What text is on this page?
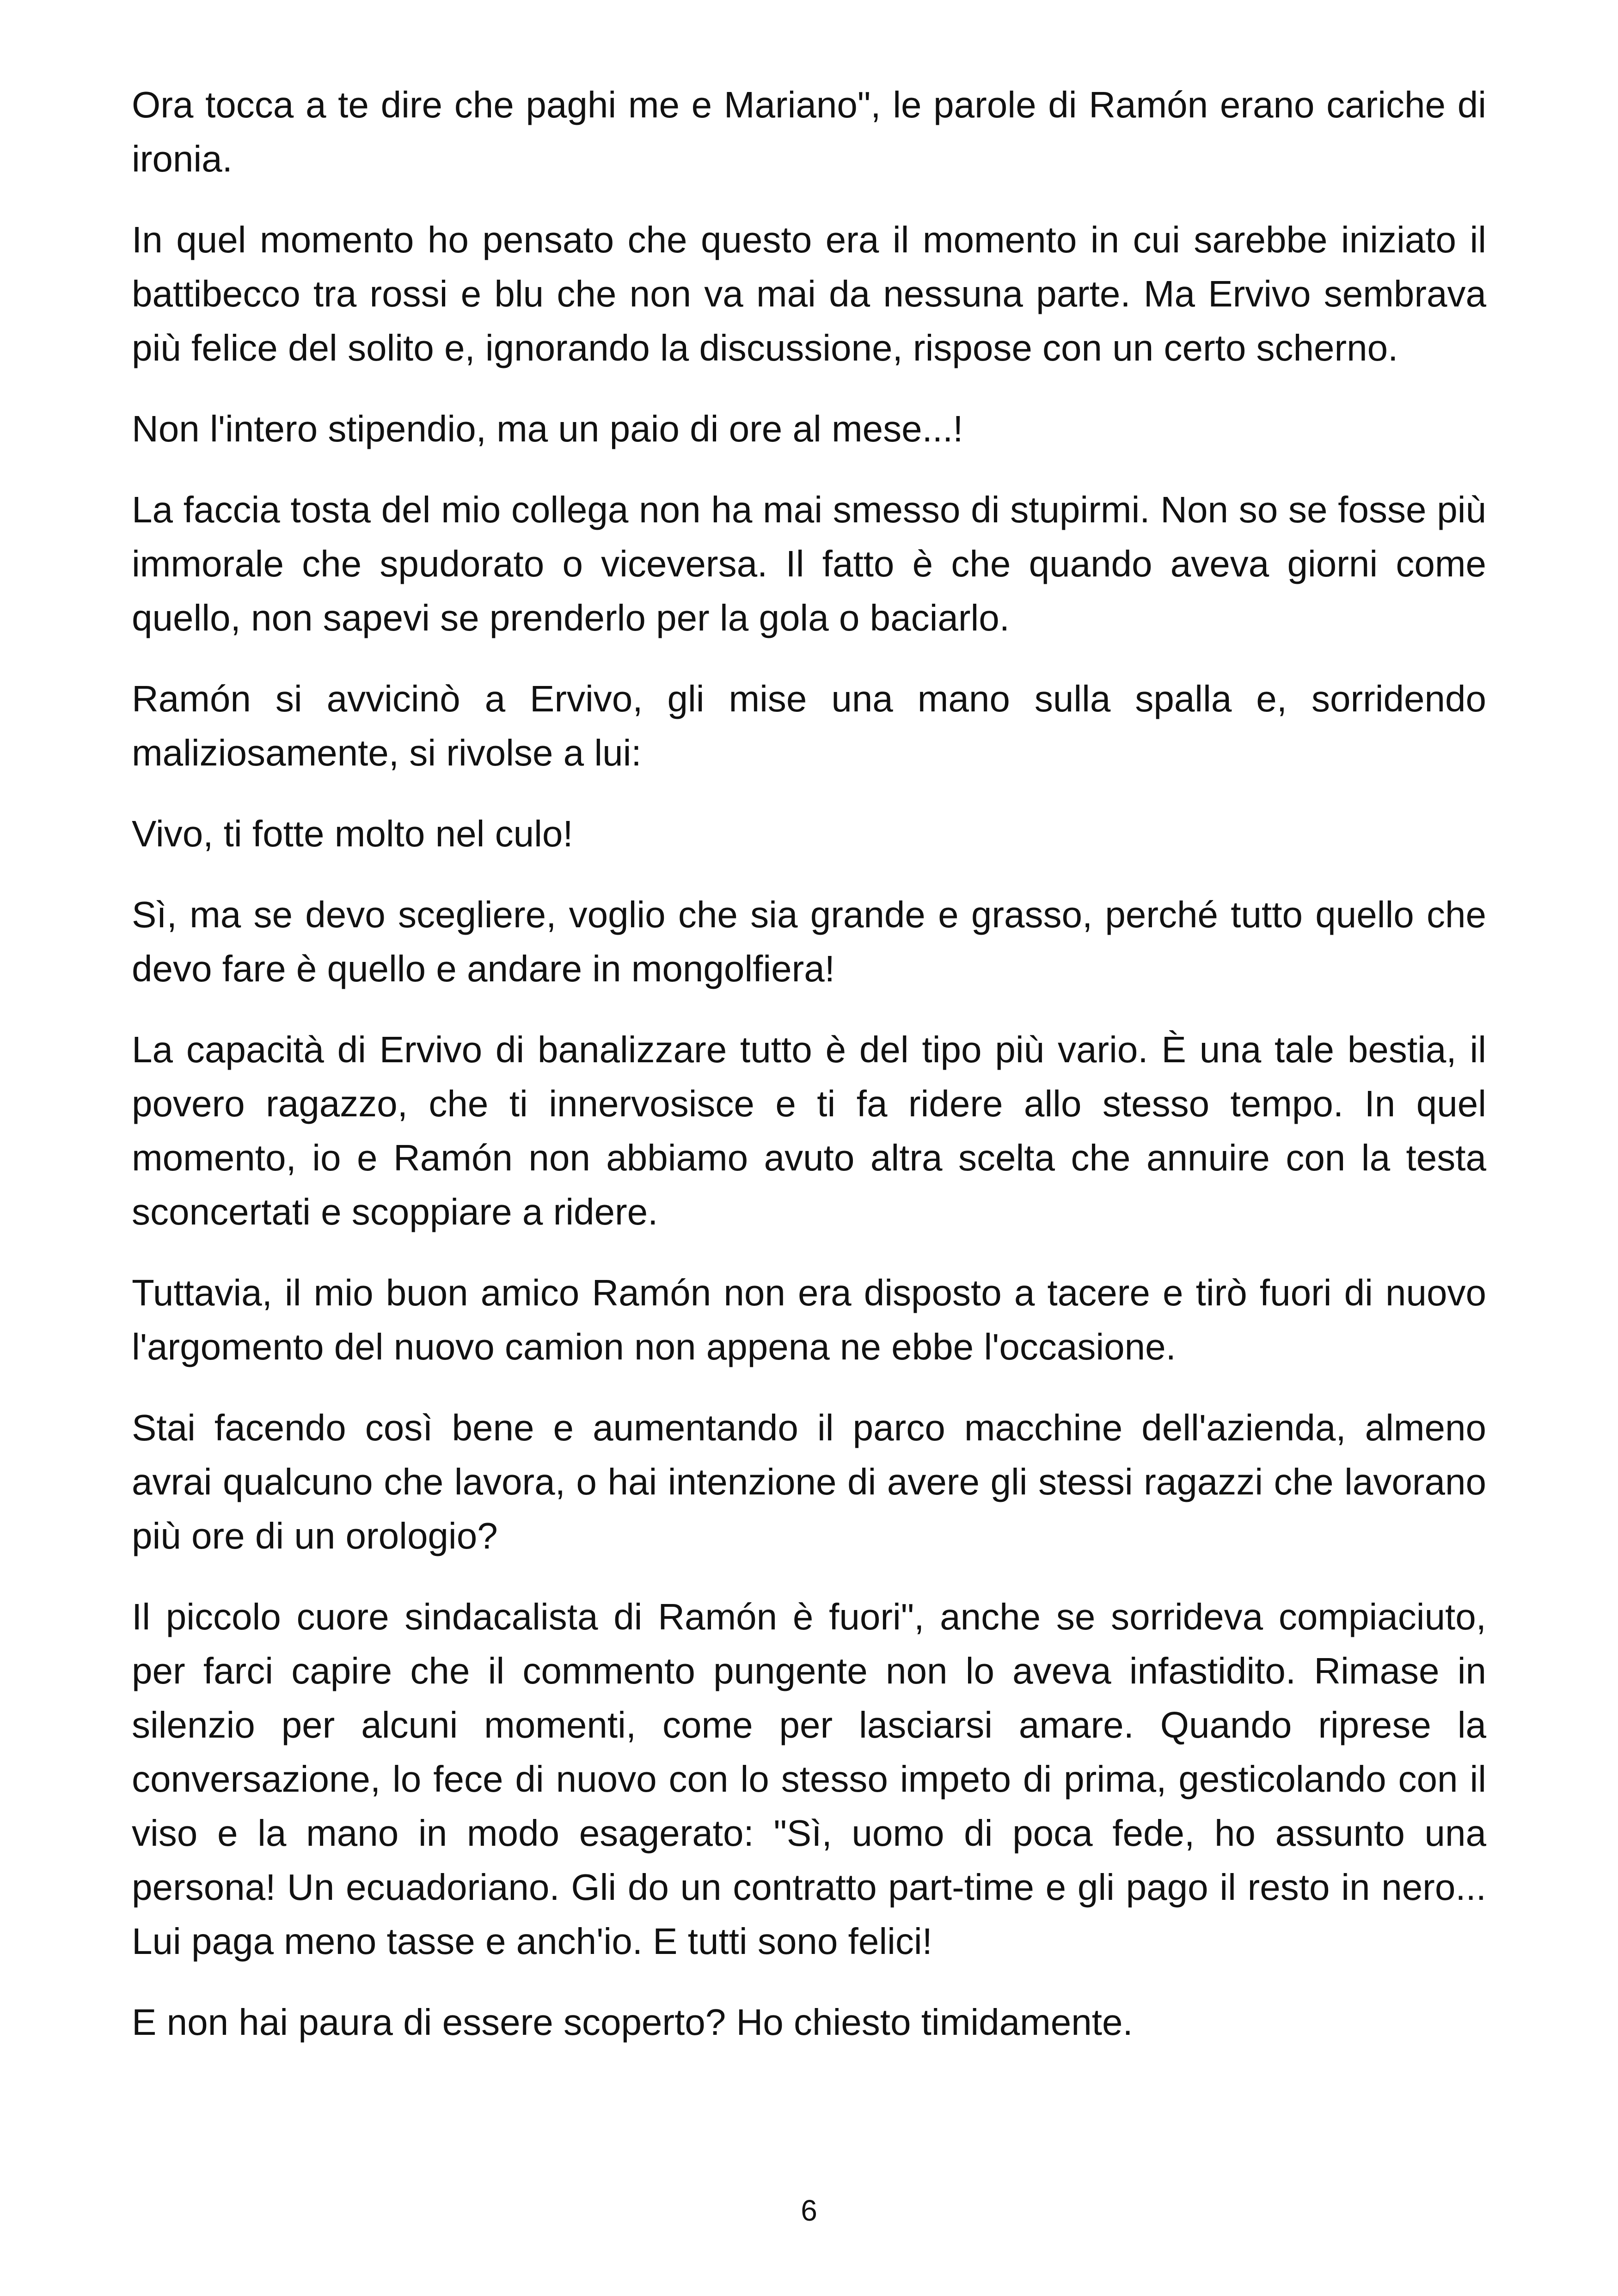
Ora tocca a te dire che paghi me e Mariano", le parole di Ramón erano cariche di ironia.

In quel momento ho pensato che questo era il momento in cui sarebbe iniziato il battibecco tra rossi e blu che non va mai da nessuna parte. Ma Ervivo sembrava più felice del solito e, ignorando la discussione, rispose con un certo scherno.

Non l'intero stipendio, ma un paio di ore al mese...!

La faccia tosta del mio collega non ha mai smesso di stupirmi. Non so se fosse più immorale che spudorato o viceversa. Il fatto è che quando aveva giorni come quello, non sapevi se prenderlo per la gola o baciarlo.

Ramón si avvicinò a Ervivo, gli mise una mano sulla spalla e, sorridendo maliziosamente, si rivolse a lui:

Vivo, ti fotte molto nel culo!

Sì, ma se devo scegliere, voglio che sia grande e grasso, perché tutto quello che devo fare è quello e andare in mongolfiera!

La capacità di Ervivo di banalizzare tutto è del tipo più vario. È una tale bestia, il povero ragazzo, che ti innervosisce e ti fa ridere allo stesso tempo. In quel momento, io e Ramón non abbiamo avuto altra scelta che annuire con la testa sconcertati e scoppiare a ridere.

Tuttavia, il mio buon amico Ramón non era disposto a tacere e tirò fuori di nuovo l'argomento del nuovo camion non appena ne ebbe l'occasione.

Stai facendo così bene e aumentando il parco macchine dell'azienda, almeno avrai qualcuno che lavora, o hai intenzione di avere gli stessi ragazzi che lavorano più ore di un orologio?

Il piccolo cuore sindacalista di Ramón è fuori", anche se sorrideva compiaciuto, per farci capire che il commento pungente non lo aveva infastidito. Rimase in silenzio per alcuni momenti, come per lasciarsi amare. Quando riprese la conversazione, lo fece di nuovo con lo stesso impeto di prima, gesticolando con il viso e la mano in modo esagerato: "Sì, uomo di poca fede, ho assunto una persona! Un ecuadoriano. Gli do un contratto part-time e gli pago il resto in nero... Lui paga meno tasse e anch'io. E tutti sono felici!

E non hai paura di essere scoperto? Ho chiesto timidamente.

6
